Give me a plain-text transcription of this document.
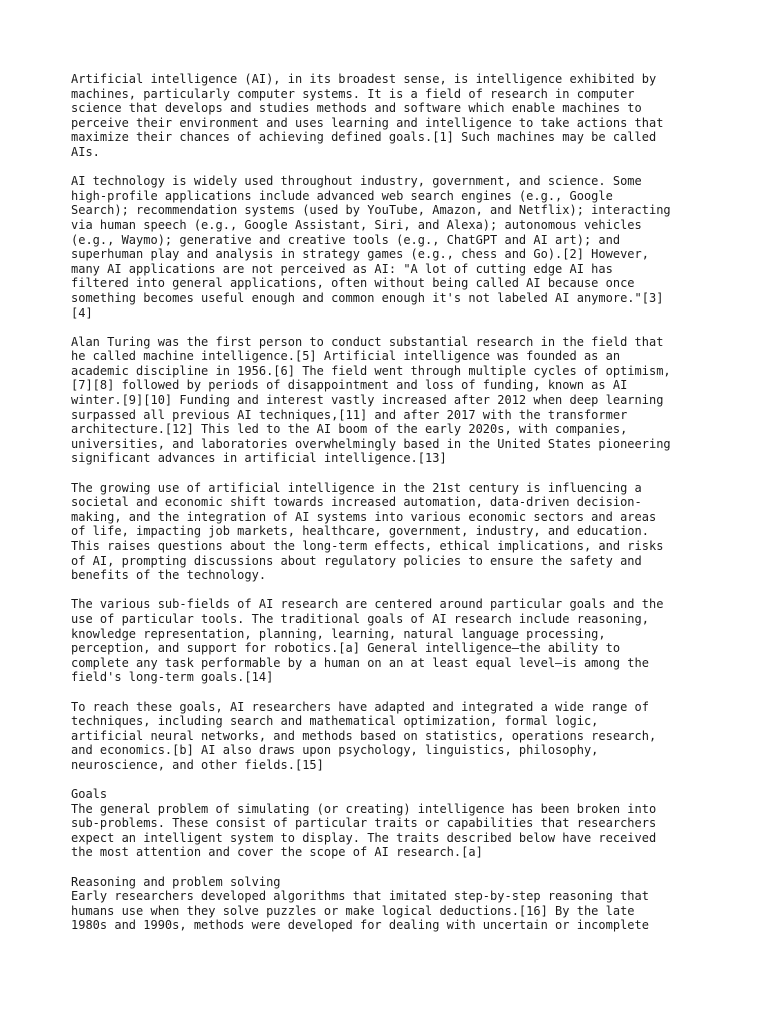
Artificial intelligence (AI), in its broadest sense, is intelligence exhibited by
machines, particularly computer systems. It is a field of research in computer
science that develops and studies methods and software which enable machines to
perceive their environment and uses learning and intelligence to take actions that
maximize their chances of achieving defined goals.[1] Such machines may be called
AIs.

AI technology is widely used throughout industry, government, and science. Some
high-profile applications include advanced web search engines (e.g., Google
Search); recommendation systems (used by YouTube, Amazon, and Netflix); interacting
via human speech (e.g., Google Assistant, Siri, and Alexa); autonomous vehicles
(e.g., Waymo); generative and creative tools (e.g., ChatGPT and AI art); and
superhuman play and analysis in strategy games (e.g., chess and Go).[2] However,
many AI applications are not perceived as AI: "A lot of cutting edge AI has
filtered into general applications, often without being called AI because once
something becomes useful enough and common enough it's not labeled AI anymore."[3]
[4]

Alan Turing was the first person to conduct substantial research in the field that
he called machine intelligence.[5] Artificial intelligence was founded as an
academic discipline in 1956.[6] The field went through multiple cycles of optimism,
[7][8] followed by periods of disappointment and loss of funding, known as AI
winter.[9][10] Funding and interest vastly increased after 2012 when deep learning
surpassed all previous AI techniques,[11] and after 2017 with the transformer
architecture.[12] This led to the AI boom of the early 2020s, with companies,
universities, and laboratories overwhelmingly based in the United States pioneering
significant advances in artificial intelligence.[13]

The growing use of artificial intelligence in the 21st century is influencing a
societal and economic shift towards increased automation, data-driven decision-
making, and the integration of AI systems into various economic sectors and areas
of life, impacting job markets, healthcare, government, industry, and education.
This raises questions about the long-term effects, ethical implications, and risks
of AI, prompting discussions about regulatory policies to ensure the safety and
benefits of the technology.

The various sub-fields of AI research are centered around particular goals and the
use of particular tools. The traditional goals of AI research include reasoning,
knowledge representation, planning, learning, natural language processing,
perception, and support for robotics.[a] General intelligence—the ability to
complete any task performable by a human on an at least equal level—is among the
field's long-term goals.[14]

To reach these goals, AI researchers have adapted and integrated a wide range of
techniques, including search and mathematical optimization, formal logic,
artificial neural networks, and methods based on statistics, operations research,
and economics.[b] AI also draws upon psychology, linguistics, philosophy,
neuroscience, and other fields.[15]

Goals

The general problem of simulating (or creating) intelligence has been broken into
sub-problems. These consist of particular traits or capabilities that researchers
expect an intelligent system to display. The traits described below have received
the most attention and cover the scope of AI research.[a]

Reasoning and problem solving

Early researchers developed algorithms that imitated step-by-step reasoning that
humans use when they solve puzzles or make logical deductions.[16] By the late
1980s and 1990s, methods were developed for dealing with uncertain or incomplete
